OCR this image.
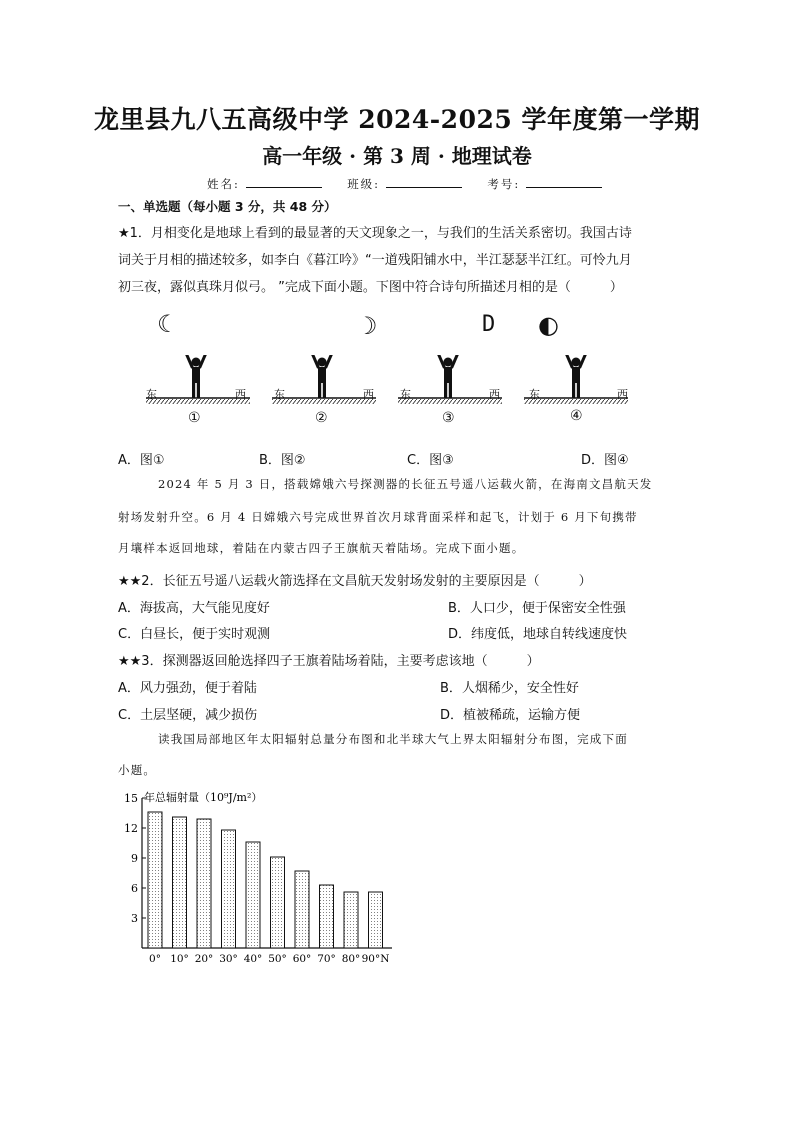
龙里县九八五高级中学 2024-2025 学年度第一学期
高一年级 · 第 3 周 · 地理试卷
姓名:	班级:	考号:
一、单选题（每小题 3 分，共 48 分）
★1．月相变化是地球上看到的最显著的天文现象之一，与我们的生活关系密切。我国古诗
词关于月相的描述较多，如李白《暮江吟》“一道残阳铺水中，半江瑟瑟半江红。可怜九月
初三夜，露似真珠月似弓。 ”完成下面小题。下图中符合诗句所描述月相的是（　　　）
☾	☽	D ◐
东	西	东	西 东	西	东	西
①	②	③	④
A．图①	B．图②	C．图③	D．图④
2024 年 5 月 3 日，搭载嫦娥六号探测器的长征五号遥八运载火箭，在海南文昌航天发
射场发射升空。6 月 4 日嫦娥六号完成世界首次月球背面采样和起飞，计划于 6 月下旬携带
月壤样本返回地球，着陆在内蒙古四子王旗航天着陆场。完成下面小题。
★★2．长征五号遥八运载火箭选择在文昌航天发射场发射的主要原因是（　　　）
A．海拔高，大气能见度好	B．人口少，便于保密安全性强
C．白昼长，便于实时观测	D．纬度低，地球自转线速度快
★★3．探测器返回舱选择四子王旗着陆场着陆，主要考虑该地（　　　）
A．风力强劲，便于着陆	B．人烟稀少，安全性好
C．土层坚硬，减少损伤	D．植被稀疏，运输方便
读我国局部地区年太阳辐射总量分布图和北半球大气上界太阳辐射分布图，完成下面
小题。
年总辐射量（10⁹J/m²）
15
12
9
6
3
0° 10° 20° 30° 40° 50° 60° 70° 80° 90°N
